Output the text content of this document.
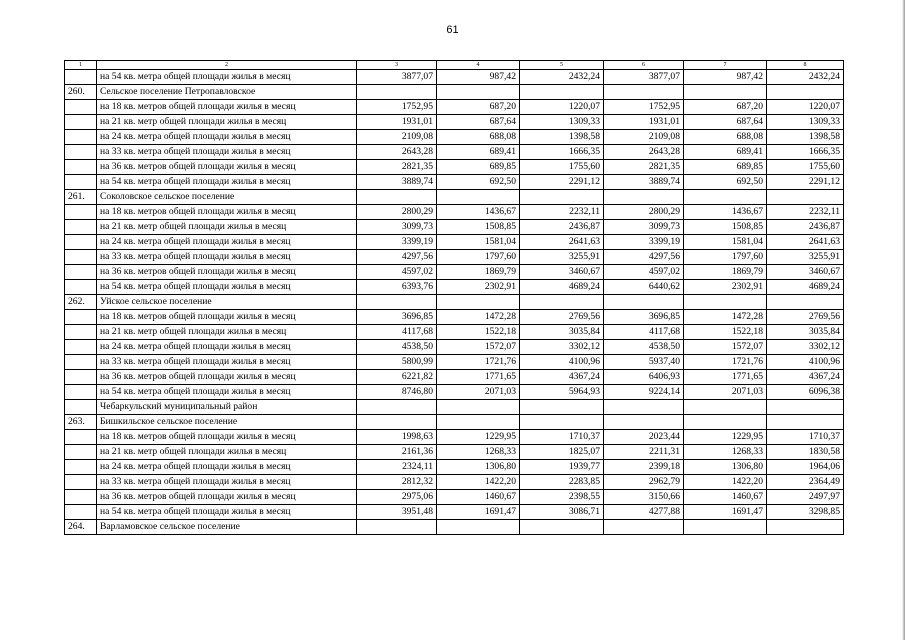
61
1	2	3	4	5	6	7	8
	на 54 кв. метра общей площади жилья в месяц	3877,07	987,42	2432,24	3877,07	987,42	2432,24
260.	Сельское поселение Петропавловское						
	на 18 кв. метров общей площади жилья в месяц	1752,95	687,20	1220,07	1752,95	687,20	1220,07
	на 21 кв. метр общей площади жилья в месяц	1931,01	687,64	1309,33	1931,01	687,64	1309,33
	на 24 кв. метра общей площади жилья в месяц	2109,08	688,08	1398,58	2109,08	688,08	1398,58
	на 33 кв. метра общей площади жилья в месяц	2643,28	689,41	1666,35	2643,28	689,41	1666,35
	на 36 кв. метров общей площади жилья в месяц	2821,35	689,85	1755,60	2821,35	689,85	1755,60
	на 54 кв. метра общей площади жилья в месяц	3889,74	692,50	2291,12	3889,74	692,50	2291,12
261.	Соколовское сельское поселение						
	на 18 кв. метров общей площади жилья в месяц	2800,29	1436,67	2232,11	2800,29	1436,67	2232,11
	на 21 кв. метр общей площади жилья в месяц	3099,73	1508,85	2436,87	3099,73	1508,85	2436,87
	на 24 кв. метра общей площади жилья в месяц	3399,19	1581,04	2641,63	3399,19	1581,04	2641,63
	на 33 кв. метра общей площади жилья в месяц	4297,56	1797,60	3255,91	4297,56	1797,60	3255,91
	на 36 кв. метров общей площади жилья в месяц	4597,02	1869,79	3460,67	4597,02	1869,79	3460,67
	на 54 кв. метра общей площади жилья в месяц	6393,76	2302,91	4689,24	6440,62	2302,91	4689,24
262.	Уйское сельское поселение						
	на 18 кв. метров общей площади жилья в месяц	3696,85	1472,28	2769,56	3696,85	1472,28	2769,56
	на 21 кв. метр общей площади жилья в месяц	4117,68	1522,18	3035,84	4117,68	1522,18	3035,84
	на 24 кв. метра общей площади жилья в месяц	4538,50	1572,07	3302,12	4538,50	1572,07	3302,12
	на 33 кв. метра общей площади жилья в месяц	5800,99	1721,76	4100,96	5937,40	1721,76	4100,96
	на 36 кв. метров общей площади жилья в месяц	6221,82	1771,65	4367,24	6406,93	1771,65	4367,24
	на 54 кв. метра общей площади жилья в месяц	8746,80	2071,03	5964,93	9224,14	2071,03	6096,38
	Чебаркульский муниципальный район						
263.	Бишкильское сельское поселение						
	на 18 кв. метров общей площади жилья в месяц	1998,63	1229,95	1710,37	2023,44	1229,95	1710,37
	на 21 кв. метр общей площади жилья в месяц	2161,36	1268,33	1825,07	2211,31	1268,33	1830,58
	на 24 кв. метра общей площади жилья в месяц	2324,11	1306,80	1939,77	2399,18	1306,80	1964,06
	на 33 кв. метра общей площади жилья в месяц	2812,32	1422,20	2283,85	2962,79	1422,20	2364,49
	на 36 кв. метров общей площади жилья в месяц	2975,06	1460,67	2398,55	3150,66	1460,67	2497,97
	на 54 кв. метра общей площади жилья в месяц	3951,48	1691,47	3086,71	4277,88	1691,47	3298,85
264.	Варламовское сельское поселение						
